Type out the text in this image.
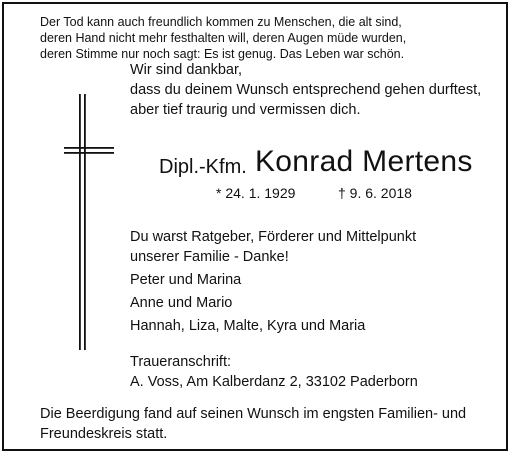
Der Tod kann auch freundlich kommen zu Menschen, die alt sind,

deren Hand nicht mehr festhalten will, deren Augen müde wurden,

deren Stimme nur noch sagt: Es ist genug. Das Leben war schön.

Wir sind dankbar,

dass du deinem Wunsch entsprechend gehen durftest,

aber tief traurig und vermissen dich.

Dipl.-Kfm. Konrad Mertens

* 24. 1. 1929	† 9. 6. 2018

Du warst Ratgeber, Förderer und Mittelpunkt

unserer Familie - Danke!

Peter und Marina

Anne und Mario

Hannah, Liza, Malte, Kyra und Maria

Traueranschrift:

A. Voss, Am Kalberdanz 2, 33102 Paderborn

Die Beerdigung fand auf seinen Wunsch im engsten Familien- und

Freundeskreis statt.
